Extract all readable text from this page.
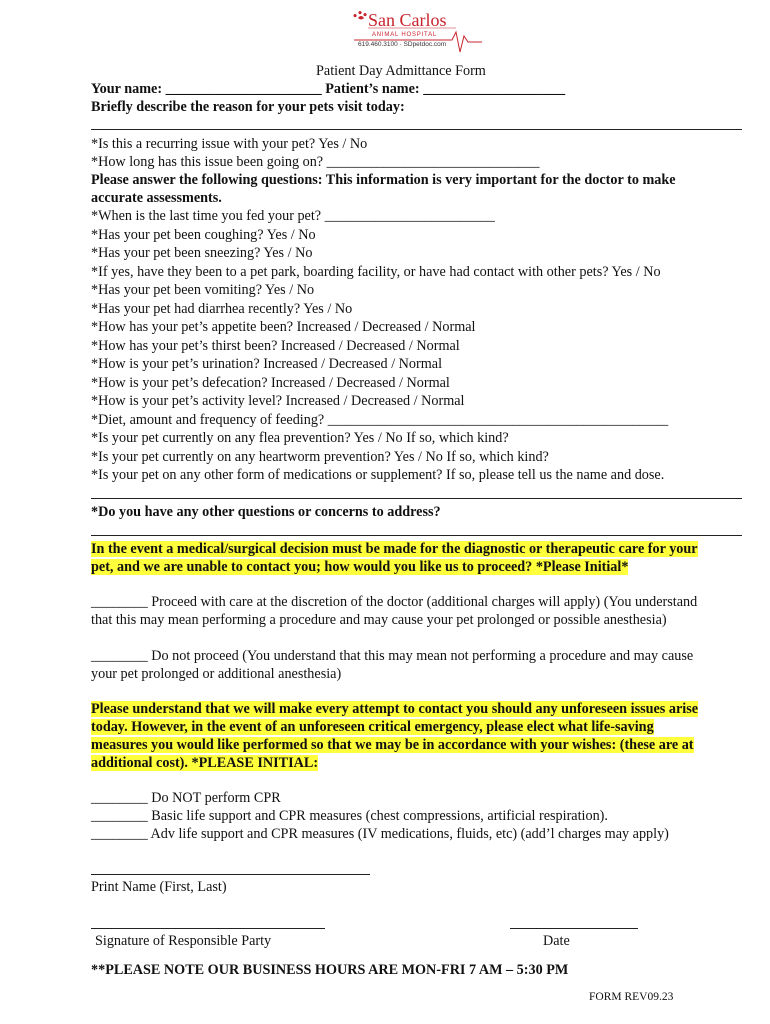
San Carlos
ANIMAL HOSPITAL
619.460.3100 · SDpetdoc.com
Patient Day Admittance Form
Your name: ______________________ Patient’s name: ____________________
Briefly describe the reason for your pets visit today:
*Is this a recurring issue with your pet? Yes / No
*How long has this issue been going on? ______________________________
Please answer the following questions: This information is very important for the doctor to make
accurate assessments.
*When is the last time you fed your pet? ________________________
*Has your pet been coughing? Yes / No
*Has your pet been sneezing? Yes / No
*If yes, have they been to a pet park, boarding facility, or have had contact with other pets? Yes / No
*Has your pet been vomiting? Yes / No
*Has your pet had diarrhea recently? Yes / No
*How has your pet’s appetite been? Increased / Decreased / Normal
*How has your pet’s thirst been? Increased / Decreased / Normal
*How is your pet’s urination? Increased / Decreased / Normal
*How is your pet’s defecation? Increased / Decreased / Normal
*How is your pet’s activity level? Increased / Decreased / Normal
*Diet, amount and frequency of feeding? ________________________________________________
*Is your pet currently on any flea prevention? Yes / No If so, which kind?
*Is your pet currently on any heartworm prevention? Yes / No If so, which kind?
*Is your pet on any other form of medications or supplement? If so, please tell us the name and dose.
*Do you have any other questions or concerns to address?
In the event a medical/surgical decision must be made for the diagnostic or therapeutic care for your
pet, and we are unable to contact you; how would you like us to proceed? *Please Initial*
________ Proceed with care at the discretion of the doctor (additional charges will apply) (You understand
that this may mean performing a procedure and may cause your pet prolonged or possible anesthesia)
________ Do not proceed (You understand that this may mean not performing a procedure and may cause
your pet prolonged or additional anesthesia)
Please understand that we will make every attempt to contact you should any unforeseen issues arise
today. However, in the event of an unforeseen critical emergency, please elect what life-saving
measures you would like performed so that we may be in accordance with your wishes: (these are at
additional cost). *PLEASE INITIAL:
________ Do NOT perform CPR
________ Basic life support and CPR measures (chest compressions, artificial respiration).
________ Adv life support and CPR measures (IV medications, fluids, etc) (add’l charges may apply)
Print Name (First, Last)
Signature of Responsible Party	Date
**PLEASE NOTE OUR BUSINESS HOURS ARE MON-FRI 7 AM – 5:30 PM
FORM REV09.23
